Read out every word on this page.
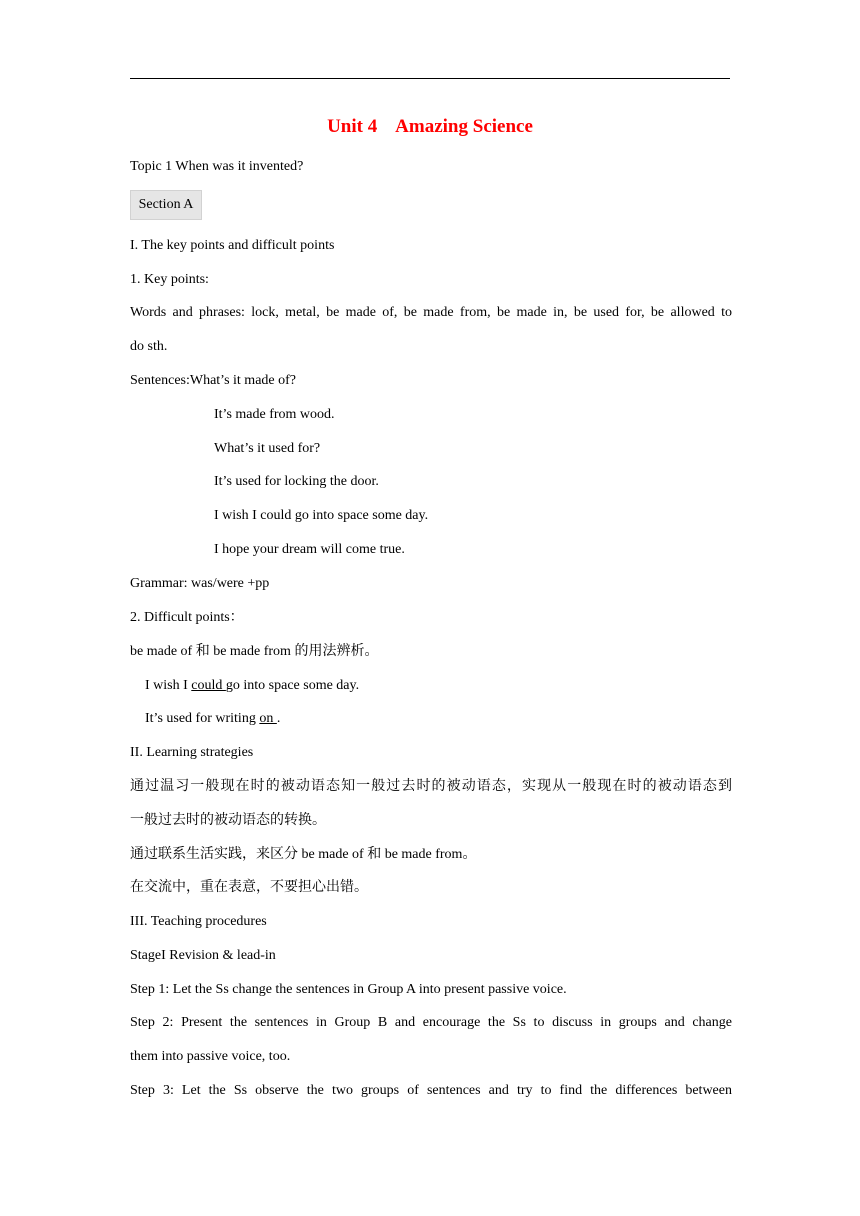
Unit 4    Amazing Science
Topic 1 When was it invented?
Section A
I. The key points and difficult points
1. Key points:
Words and phrases: lock, metal, be made of, be made from, be made in, be used for, be allowed to
do sth.
Sentences:What’s it made of?
It’s made from wood.
What’s it used for?
It’s used for locking the door.
I wish I could go into space some day.
I hope your dream will come true.
Grammar: was/were +pp
2. Difficult points：
be made of 和 be made from 的用法辨析。
I wish I could go into space some day.
It’s used for writing on .
II. Learning strategies
通过温习一般现在时的被动语态知一般过去时的被动语态，实现从一般现在时的被动语态到
一般过去时的被动语态的转换。
通过联系生活实践，来区分 be made of 和 be made from。
在交流中，重在表意，不要担心出错。
III. Teaching procedures
StageI Revision & lead-in
Step 1: Let the Ss change the sentences in Group A into present passive voice.
Step 2: Present the sentences in Group B and encourage the Ss to discuss in groups and change
them into passive voice, too.
Step 3: Let the Ss observe the two groups of sentences and try to find the differences between
